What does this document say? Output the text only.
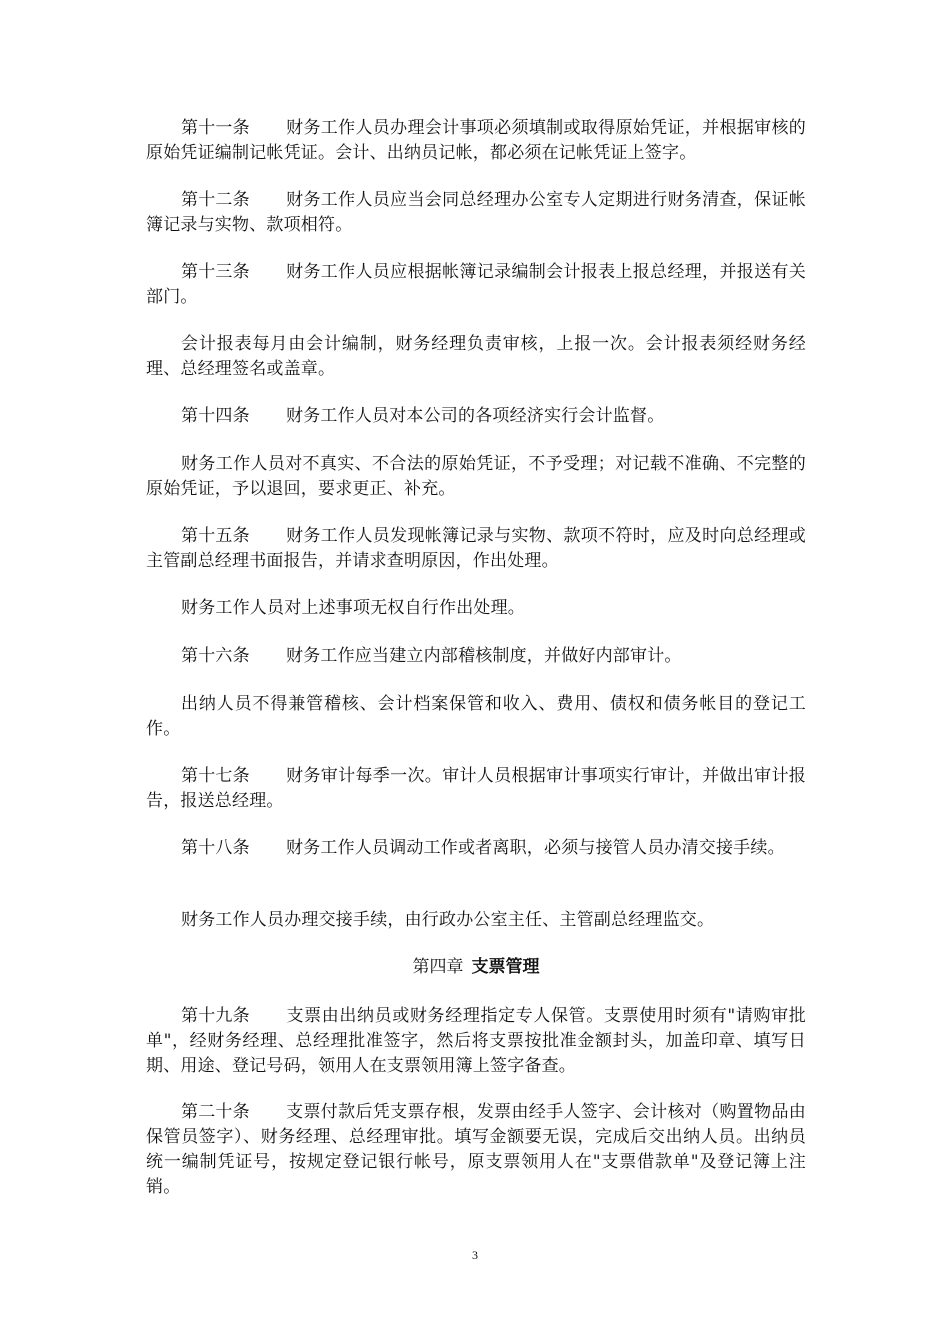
第十一条 财务工作人员办理会计事项必须填制或取得原始凭证，并根据审核的原始凭证编制记帐凭证。会计、出纳员记帐，都必须在记帐凭证上签字。

第十二条 财务工作人员应当会同总经理办公室专人定期进行财务清查，保证帐簿记录与实物、款项相符。

第十三条 财务工作人员应根据帐簿记录编制会计报表上报总经理，并报送有关部门。

会计报表每月由会计编制，财务经理负责审核，上报一次。会计报表须经财务经理、总经理签名或盖章。

第十四条 财务工作人员对本公司的各项经济实行会计监督。

财务工作人员对不真实、不合法的原始凭证，不予受理；对记载不准确、不完整的原始凭证，予以退回，要求更正、补充。

第十五条 财务工作人员发现帐簿记录与实物、款项不符时，应及时向总经理或主管副总经理书面报告，并请求查明原因，作出处理。

财务工作人员对上述事项无权自行作出处理。

第十六条 财务工作应当建立内部稽核制度，并做好内部审计。

出纳人员不得兼管稽核、会计档案保管和收入、费用、债权和债务帐目的登记工作。

第十七条 财务审计每季一次。审计人员根据审计事项实行审计，并做出审计报告，报送总经理。

第十八条 财务工作人员调动工作或者离职，必须与接管人员办清交接手续。

财务工作人员办理交接手续，由行政办公室主任、主管副总经理监交。

第四章 支票管理

第十九条 支票由出纳员或财务经理指定专人保管。支票使用时须有"请购审批单"，经财务经理、总经理批准签字，然后将支票按批准金额封头，加盖印章、填写日期、用途、登记号码，领用人在支票领用簿上签字备查。

第二十条 支票付款后凭支票存根，发票由经手人签字、会计核对（购置物品由保管员签字）、财务经理、总经理审批。填写金额要无误，完成后交出纳人员。出纳员统一编制凭证号，按规定登记银行帐号，原支票领用人在"支票借款单"及登记簿上注销。

3
